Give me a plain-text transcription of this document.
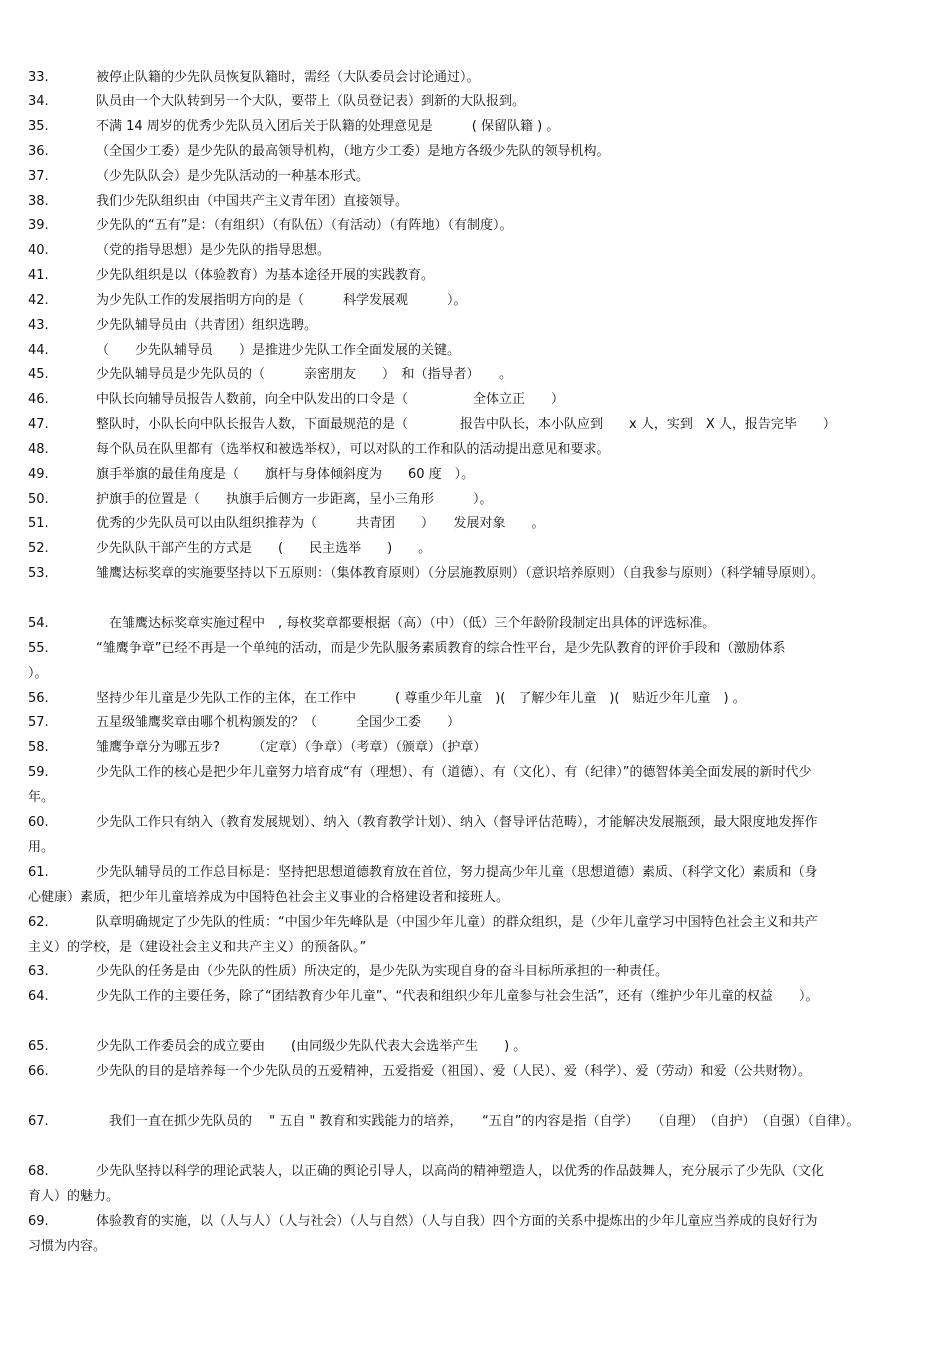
被停止队籍的少先队员恢复队籍时，需经（大队委员会讨论通过）。
33.
队员由一个大队转到另一个大队，要带上（队员登记表）到新的大队报到。
34.
不满 14 周岁的优秀少先队员入团后关于队籍的处理意见是　　　( 保留队籍 ) 。
35.
（全国少工委）是少先队的最高领导机构，（地方少工委）是地方各级少先队的领导机构。
36.
（少先队队会）是少先队活动的一种基本形式。
37.
我们少先队组织由（中国共产主义青年团）直接领导。
38.
少先队的“五有”是：（有组织）（有队伍）（有活动）（有阵地）（有制度）。
39.
（党的指导思想）是少先队的指导思想。
40.
少先队组织是以（体验教育）为基本途径开展的实践教育。
41.
为少先队工作的发展指明方向的是（　　　科学发展观　　　）。
42.
少先队辅导员由（共青团）组织选聘。
43.
（　　少先队辅导员　　）是推进少先队工作全面发展的关键。
44.
少先队辅导员是少先队员的（　　　亲密朋友　　）　和（指导者）　　。
45.
中队长向辅导员报告人数前，向全中队发出的口令是（　　　　　全体立正　　）
46.
整队时，小队长向中队长报告人数，下面最规范的是（　　　　报告中队长，本小队应到　　x 人，实到　X 人，报告完毕　　）
47.
每个队员在队里都有（选举权和被选举权），可以对队的工作和队的活动提出意见和要求。
48.
旗手举旗的最佳角度是（　　旗杆与身体倾斜度为　　60 度　）。
49.
护旗手的位置是（　　执旗手后侧方一步距离，呈小三角形　　　）。
50.
优秀的少先队员可以由队组织推荐为（　　　共青团　　）　　发展对象　　。
51.
少先队队干部产生的方式是　　(　　民主选举　　)　　。
52.
雏鹰达标奖章的实施要坚持以下五原则：（集体教育原则）（分层施教原则）（意识培养原则）（自我参与原则）（科学辅导原则）。
53.
　在雏鹰达标奖章实施过程中　, 每枚奖章都要根据（高）（中）（低）三个年龄阶段制定出具体的评选标准。
54.
“雏鹰争章”已经不再是一个单纯的活动，而是少先队服务素质教育的综合性平台，是少先队教育的评价手段和（激励体系　　　　）。
55.
坚持少年儿童是少先队工作的主体，在工作中　　　( 尊重少年儿童　)(　了解少年儿童　)(　贴近少年儿童　) 。
56.
五星级雏鹰奖章由哪个机构颁发的？（　　　全国少工委　　）
57.
雏鹰争章分为哪五步?　　　（定章）（争章）（考章）（颁章）（护章）
58.
少先队工作的核心是把少年儿童努力培育成“有（理想）、有（道德）、有（文化）、有（纪律）”的德智体美全面发展的新时代少年。
59.
少先队工作只有纳入（教育发展规划）、纳入（教育教学计划）、纳入（督导评估范畴），才能解决发展瓶颈，最大限度地发挥作用。
60.
少先队辅导员的工作总目标是：坚持把思想道德教育放在首位，努力提高少年儿童（思想道德）素质、（科学文化）素质和（身心健康）素质，把少年儿童培养成为中国特色社会主义事业的合格建设者和接班人。
61.
队章明确规定了少先队的性质：“中国少年先峰队是（中国少年儿童）的群众组织，是（少年儿童学习中国特色社会主义和共产主义）的学校，是（建设社会主义和共产主义）的预备队。”
62.
少先队的任务是由（少先队的性质）所决定的，是少先队为实现自身的奋斗目标所承担的一种责任。
63.
少先队工作的主要任务，除了“团结教育少年儿童”、“代表和组织少年儿童参与社会生活”，还有（维护少年儿童的权益　　）。
64.
少先队工作委员会的成立要由　　(由同级少先队代表大会选举产生　　) 。
65.
少先队的目的是培养每一个少先队员的五爱精神，五爱指爱（祖国）、爱（人民）、爱（科学）、爱（劳动）和爱（公共财物）。
66.
　我们一直在抓少先队员的　 " 五自 " 教育和实践能力的培养，　　“五自”的内容是指（自学）　　（自理）　（自护）　（自强）（自律）。
67.
少先队坚持以科学的理论武装人，以正确的舆论引导人，以高尚的精神塑造人，以优秀的作品鼓舞人，充分展示了少先队（文化育人）的魅力。
68.
体验教育的实施，以（人与人）（人与社会）（人与自然）（人与自我）四个方面的关系中提炼出的少年儿童应当养成的良好行为习惯为内容。
69.
